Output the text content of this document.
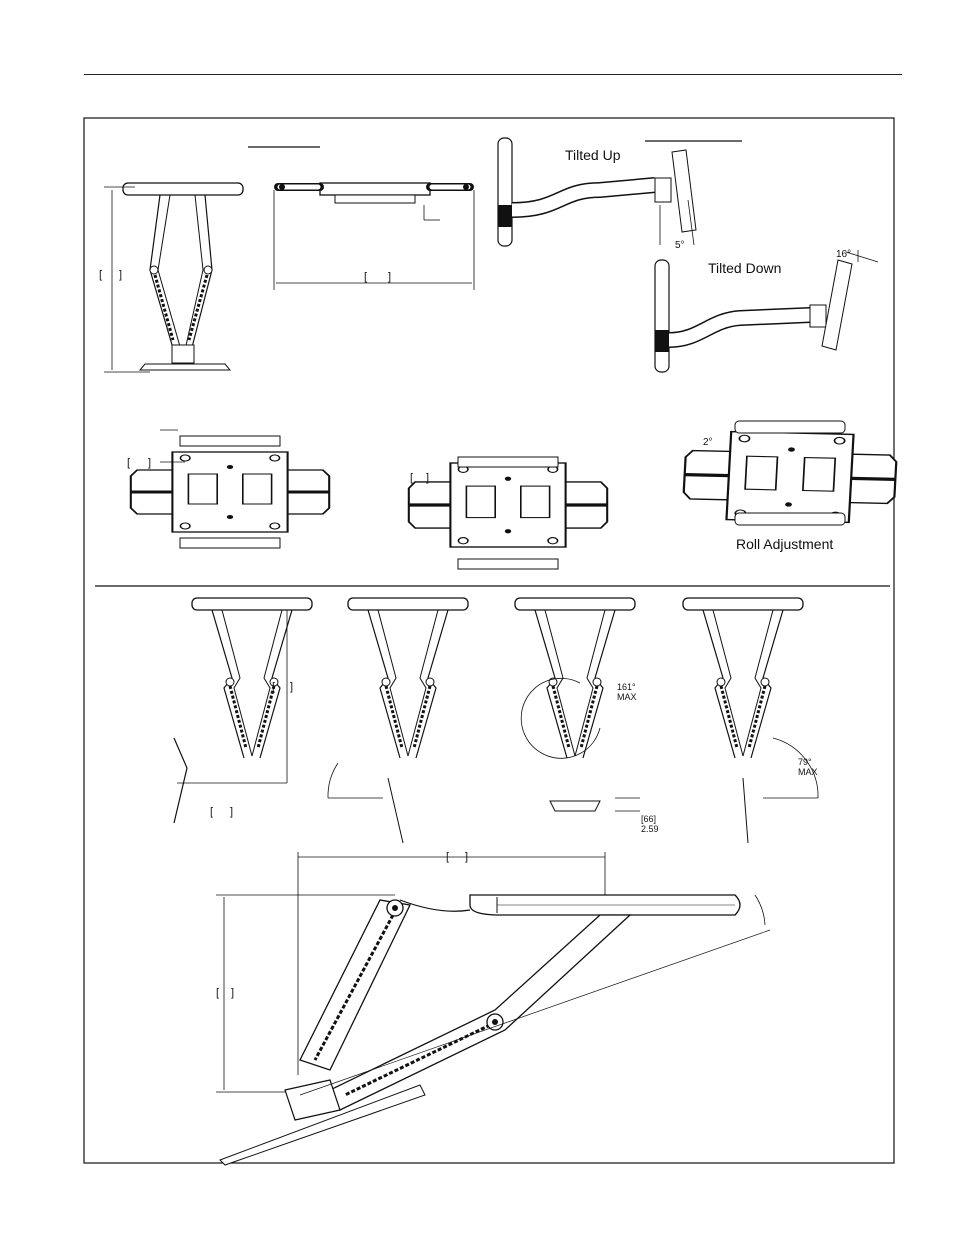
[ ]	[ ]
Tilted Up
5°
Tilted Down
16°
[ ]
[ ]
2°
Roll Adjustment
[ ]
[ ]
161°
MAX
[66]
2.59
79°
MAX
[ ]
[ ]
